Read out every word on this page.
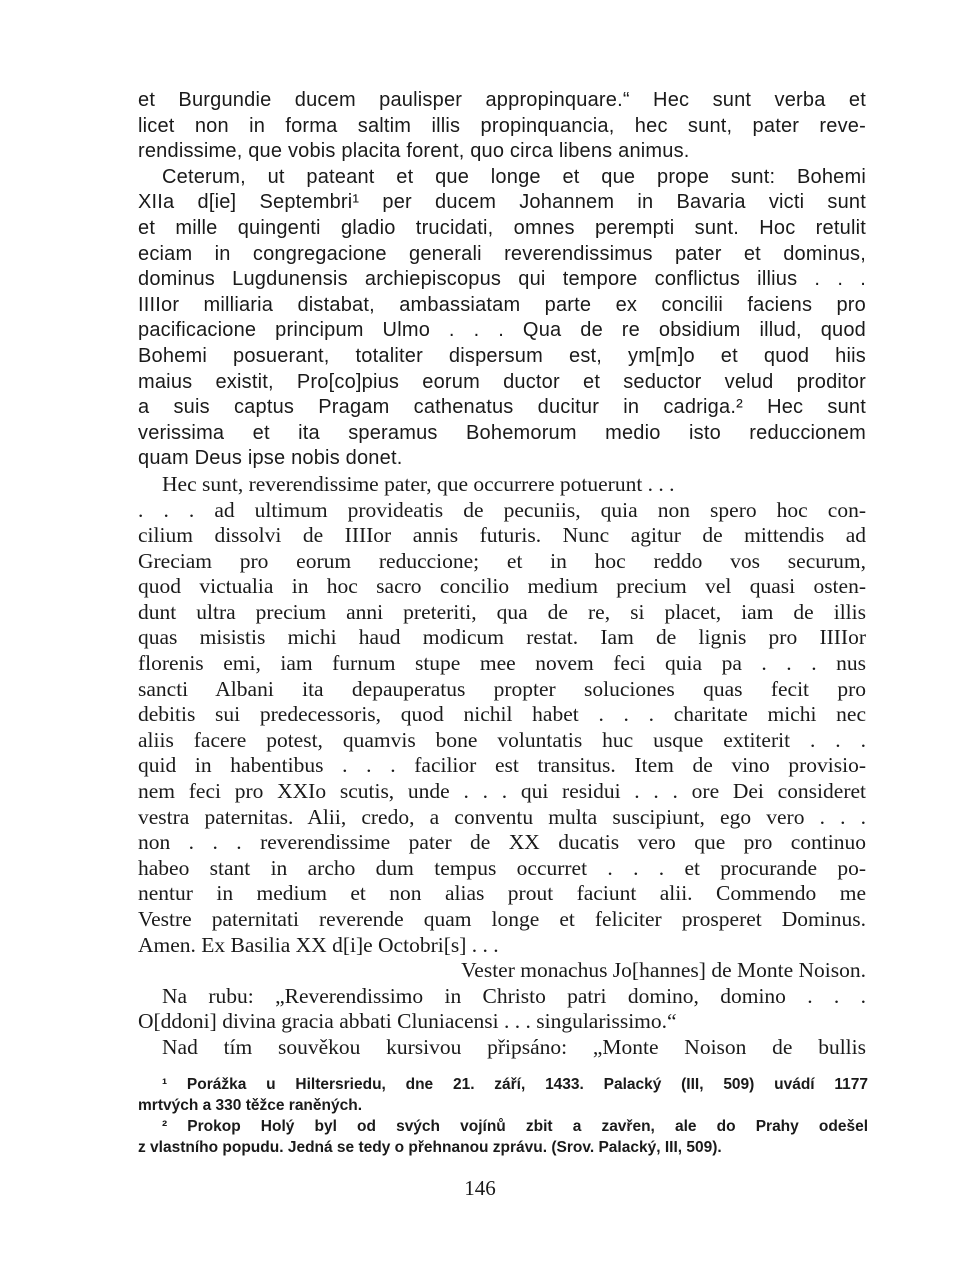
et Burgundie ducem paulisper appropinquare.“ Hec sunt verba et
licet non in forma saltim illis propinquancia, hec sunt, pater reve-
rendissime, que vobis placita forent, quo circa libens animus.
Ceterum, ut pateant et que longe et que prope sunt: Bohemi
XIIa d[ie] Septembri¹ per ducem Johannem in Bavaria victi sunt
et mille quingenti gladio trucidati, omnes perempti sunt. Hoc retulit
eciam in congregacione generali reverendissimus pater et dominus,
dominus Lugdunensis archiepiscopus qui tempore conflictus illius . . .
IIIIor milliaria distabat, ambassiatam parte ex concilii faciens pro
pacificacione principum Ulmo . . . Qua de re obsidium illud, quod
Bohemi posuerant, totaliter dispersum est, ym[m]o et quod hiis
maius existit, Pro[co]pius eorum ductor et seductor velud proditor
a suis captus Pragam cathenatus ducitur in cadriga.² Hec sunt
verissima et ita speramus Bohemorum medio isto reduccionem
quam Deus ipse nobis donet.
Hec sunt, reverendissime pater, que occurrere potuerunt . . .
. . . ad ultimum provideatis de pecuniis, quia non spero hoc con-
cilium dissolvi de IIIIor annis futuris. Nunc agitur de mittendis ad
Greciam pro eorum reduccione; et in hoc reddo vos securum,
quod victualia in hoc sacro concilio medium precium vel quasi osten-
dunt ultra precium anni preteriti, qua de re, si placet, iam de illis
quas misistis michi haud modicum restat. Iam de lignis pro IIIIor
florenis emi, iam furnum stupe mee novem feci quia pa . . . nus
sancti Albani ita depauperatus propter soluciones quas fecit pro
debitis sui predecessoris, quod nichil habet . . . charitate michi nec
aliis facere potest, quamvis bone voluntatis huc usque extiterit . . .
quid in habentibus . . . facilior est transitus. Item de vino provisio-
nem feci pro XXIo scutis, unde . . . qui residui . . . ore Dei consideret
vestra paternitas. Alii, credo, a conventu multa suscipiunt, ego vero . . .
non . . . reverendissime pater de XX ducatis vero que pro continuo
habeo stant in archo dum tempus occurret . . . et procurande po-
nentur in medium et non alias prout faciunt alii. Commendo me
Vestre paternitati reverende quam longe et feliciter prosperet Dominus.
Amen. Ex Basilia XX d[i]e Octobri[s] . . .
Vester monachus Jo[hannes] de Monte Noison.
Na rubu: „Reverendissimo in Christo patri domino, domino . . .
O[ddoni] divina gracia abbati Cluniacensi . . . singularissimo.“
Nad tím souvěkou kursivou připsáno: „Monte Noison de bullis
¹ Porážka u Hiltersriedu, dne 21. září, 1433. Palacký (III, 509) uvádí 1177
mrtvých a 330 těžce raněných.
² Prokop Holý byl od svých vojínů zbit a zavřen, ale do Prahy odešel
z vlastního popudu. Jedná se tedy o přehnanou zprávu. (Srov. Palacký, III, 509).
146
